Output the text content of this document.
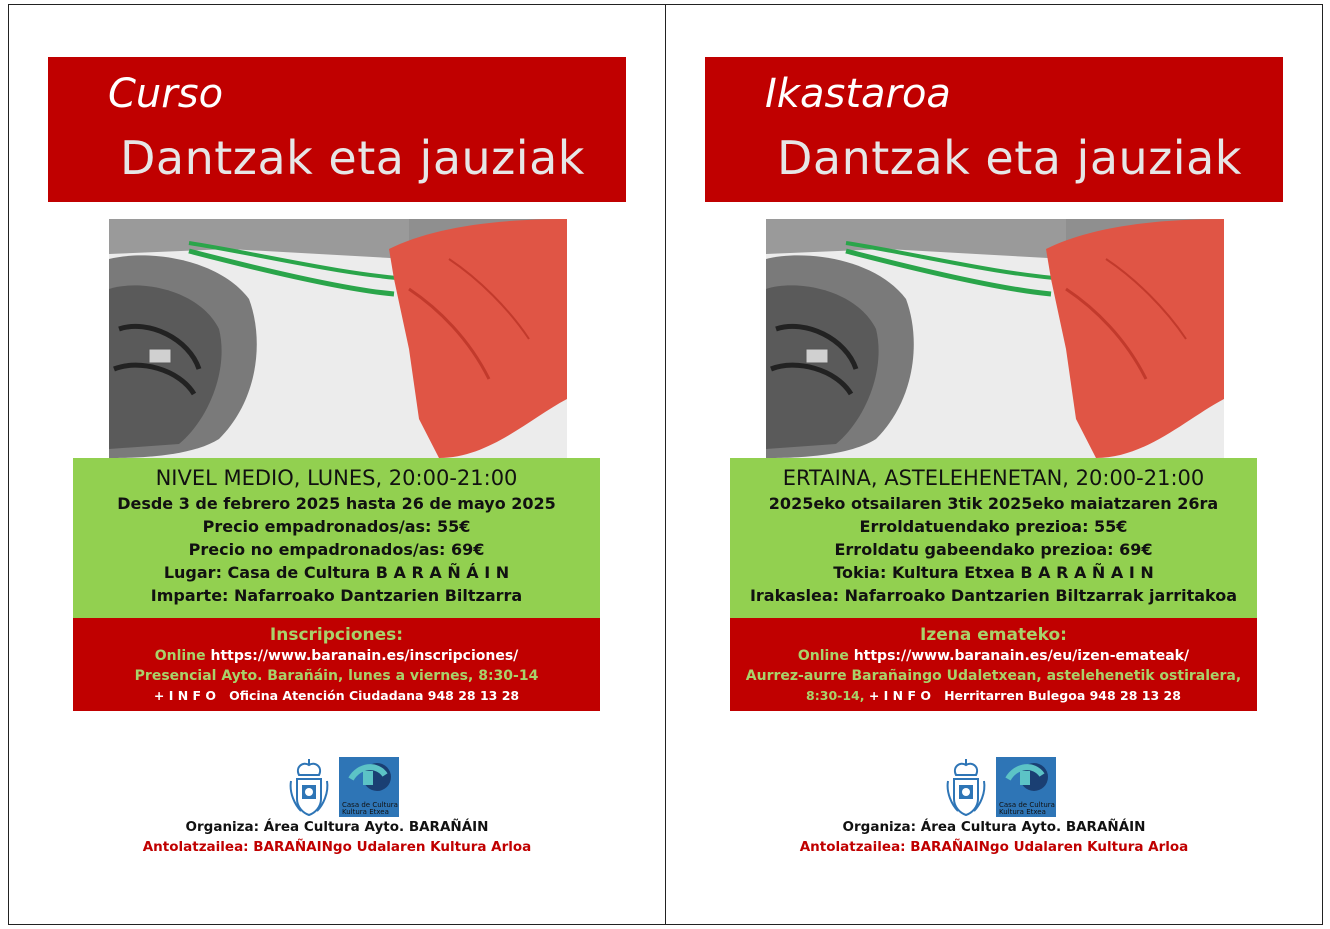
Curso
Dantzak eta jauziak
NIVEL MEDIO, LUNES, 20:00-21:00
Desde 3 de febrero 2025 hasta 26 de mayo 2025
Precio empadronados/as: 55€
Precio no empadronados/as: 69€
Lugar: Casa de Cultura B A R A Ñ Á I N
Imparte: Nafarroako Dantzarien Biltzarra
Inscripciones:
Online https://www.baranain.es/inscripciones/
Presencial Ayto. Barañáin, lunes a viernes, 8:30-14
+ I N F O Oficina Atención Ciudadana 948 28 13 28
Casa de Cultura
Kultura Etxea
Organiza: Área Cultura Ayto. BARAÑÁIN
Antolatzailea: BARAÑAINgo Udalaren Kultura Arloa
Ikastaroa
Dantzak eta jauziak
ERTAINA, ASTELEHENETAN, 20:00-21:00
2025eko otsailaren 3tik 2025eko maiatzaren 26ra
Erroldatuendako prezioa: 55€
Erroldatu gabeendako prezioa: 69€
Tokia: Kultura Etxea B A R A Ñ A I N
Irakaslea: Nafarroako Dantzarien Biltzarrak jarritakoa
Izena emateko:
Online https://www.baranain.es/eu/izen-emateak/
Aurrez-aurre Barañaingo Udaletxean, astelehenetik ostiralera,
8:30-14, + I N F O Herritarren Bulegoa 948 28 13 28
Casa de Cultura
Kultura Etxea
Organiza: Área Cultura Ayto. BARAÑÁIN
Antolatzailea: BARAÑAINgo Udalaren Kultura Arloa
